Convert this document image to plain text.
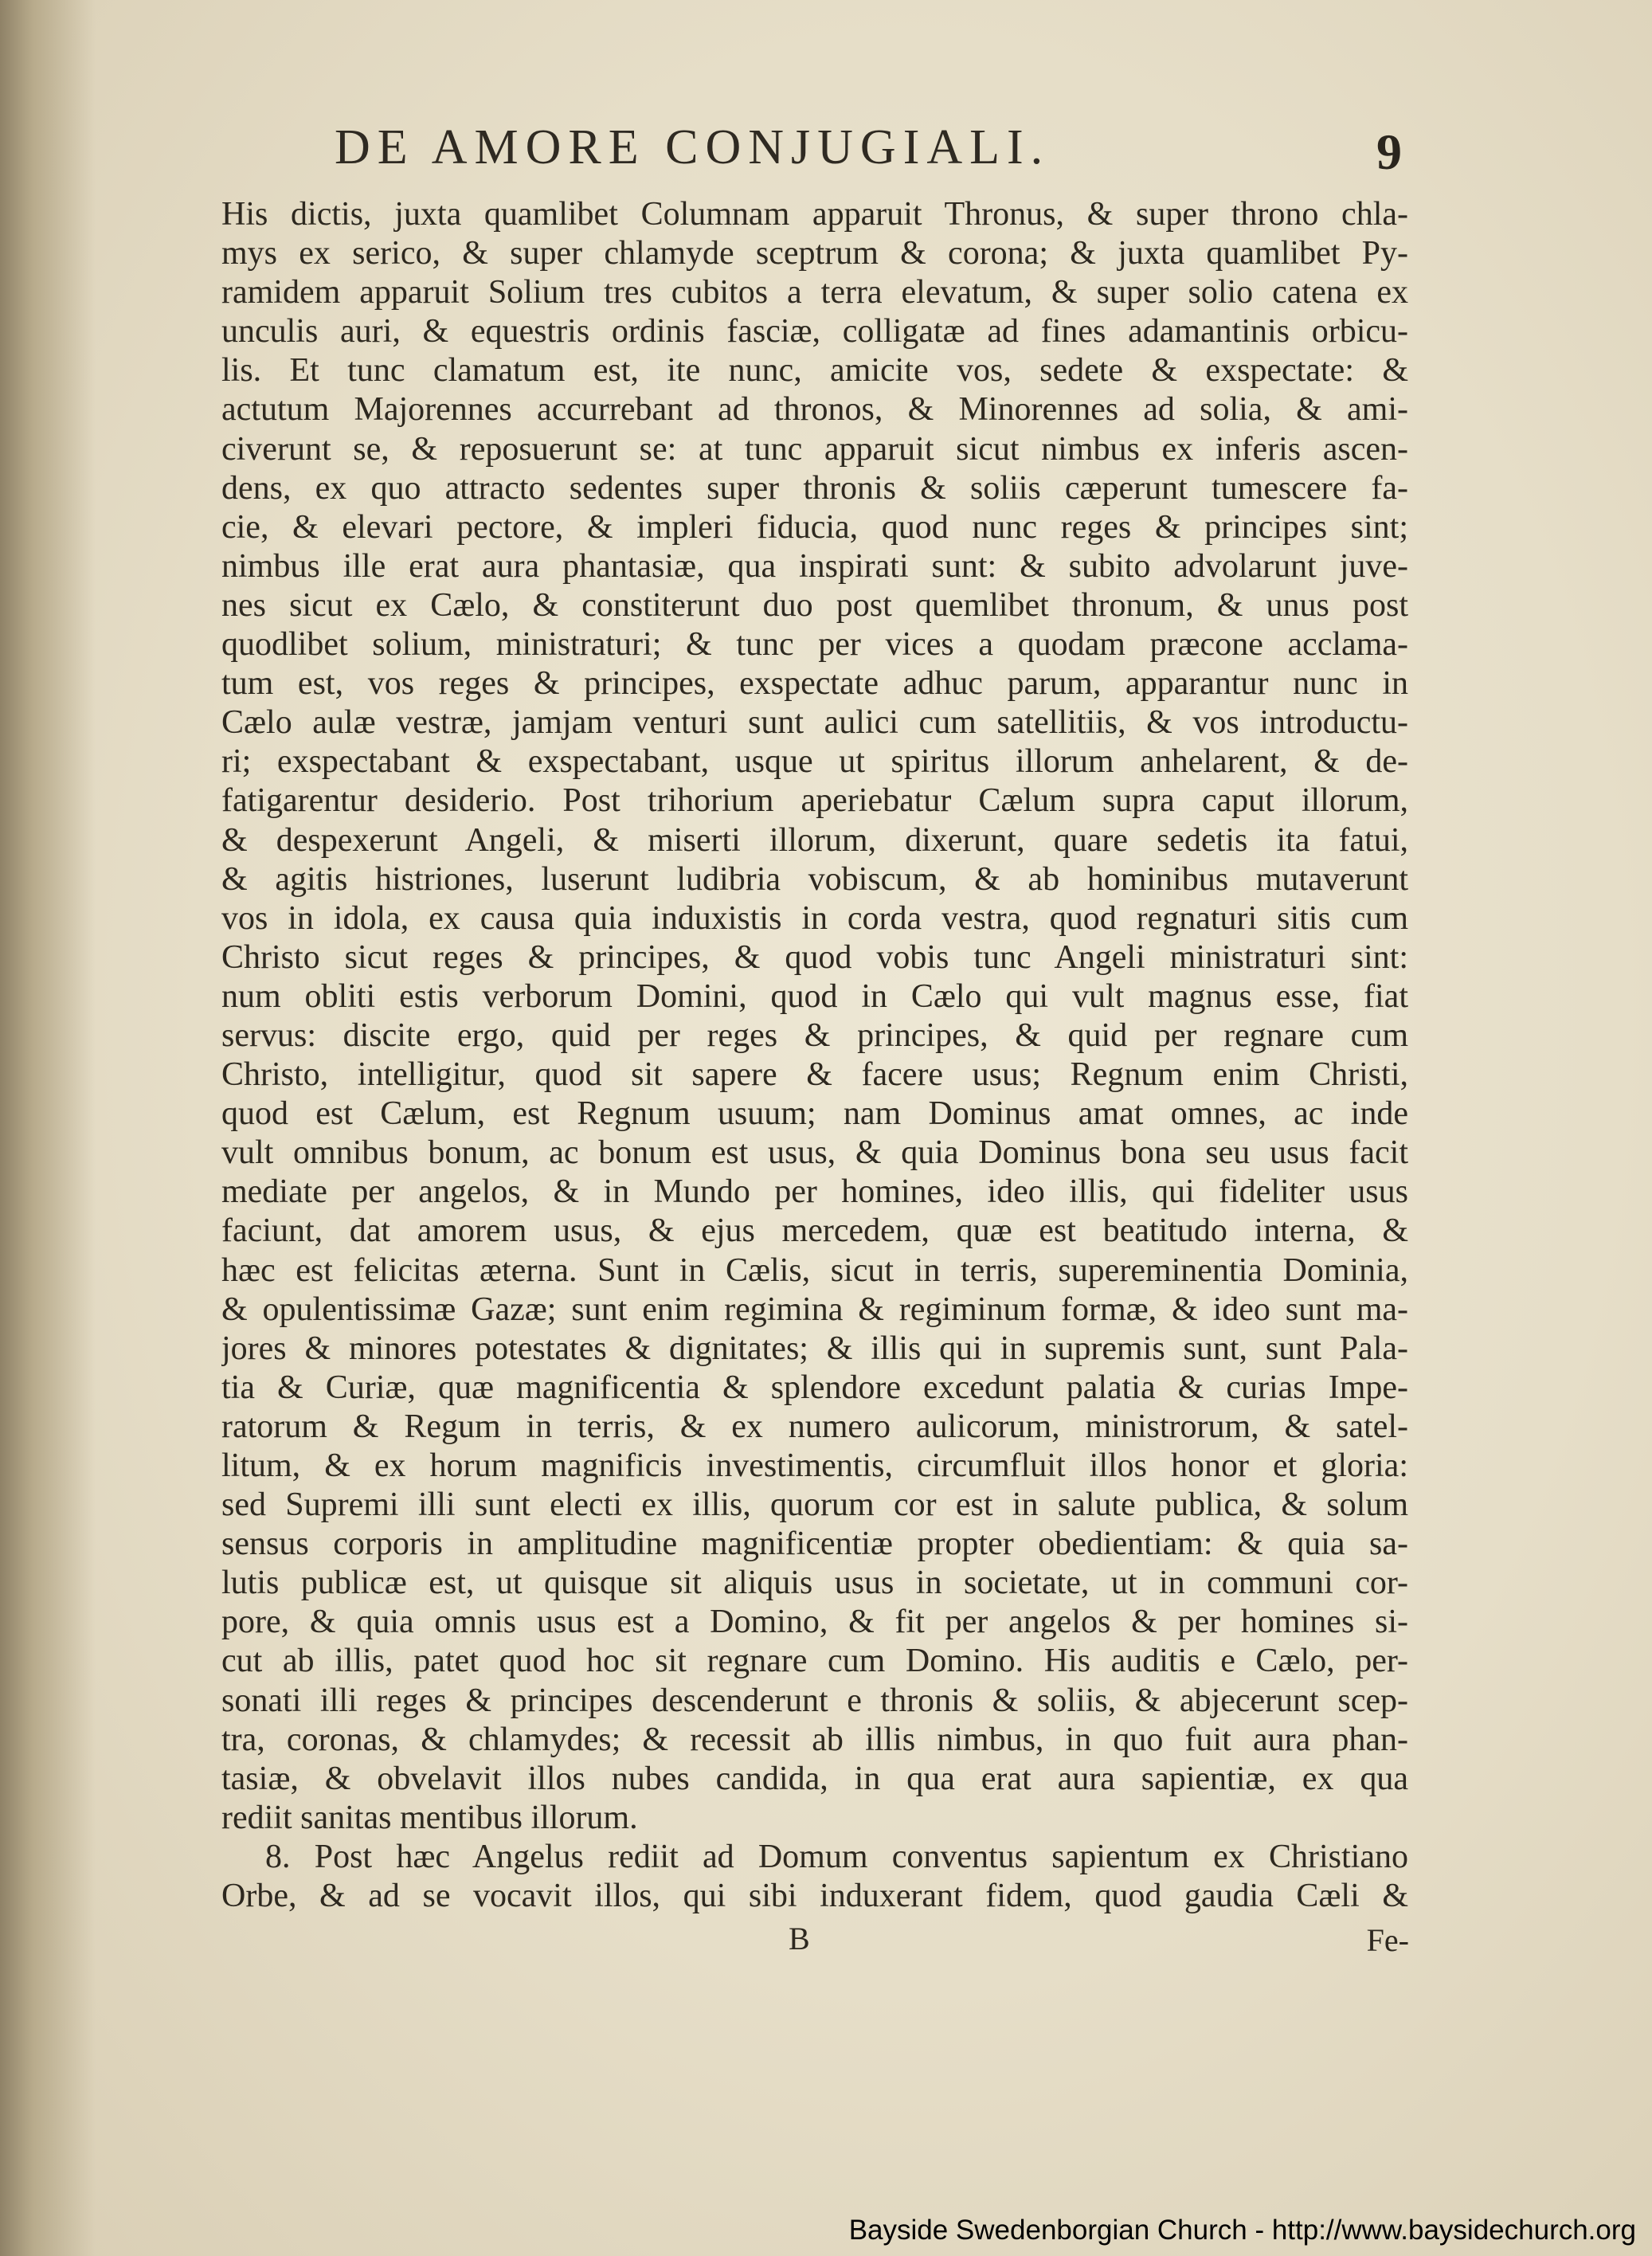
DE AMORE CONJUGIALI.	9
His dictis, juxta quamlibet Columnam apparuit Thronus, & super throno chla-
mys ex serico, & super chlamyde sceptrum & corona; & juxta quamlibet Py-
ramidem apparuit Solium tres cubitos a terra elevatum, & super solio catena ex
unculis auri, & equestris ordinis fasciæ, colligatæ ad fines adamantinis orbicu-
lis. Et tunc clamatum est, ite nunc, amicite vos, sedete & exspectate: &
actutum Majorennes accurrebant ad thronos, & Minorennes ad solia, & ami-
civerunt se, & reposuerunt se: at tunc apparuit sicut nimbus ex inferis ascen-
dens, ex quo attracto sedentes super thronis & soliis cæperunt tumescere fa-
cie, & elevari pectore, & impleri fiducia, quod nunc reges & principes sint;
nimbus ille erat aura phantasiæ, qua inspirati sunt: & subito advolarunt juve-
nes sicut ex Cælo, & constiterunt duo post quemlibet thronum, & unus post
quodlibet solium, ministraturi; & tunc per vices a quodam præcone acclama-
tum est, vos reges & principes, exspectate adhuc parum, apparantur nunc in
Cælo aulæ vestræ, jamjam venturi sunt aulici cum satellitiis, & vos introductu-
ri; exspectabant & exspectabant, usque ut spiritus illorum anhelarent, & de-
fatigarentur desiderio. Post trihorium aperiebatur Cælum supra caput illorum,
& despexerunt Angeli, & miserti illorum, dixerunt, quare sedetis ita fatui,
& agitis histriones, luserunt ludibria vobiscum, & ab hominibus mutaverunt
vos in idola, ex causa quia induxistis in corda vestra, quod regnaturi sitis cum
Christo sicut reges & principes, & quod vobis tunc Angeli ministraturi sint:
num obliti estis verborum Domini, quod in Cælo qui vult magnus esse, fiat
servus: discite ergo, quid per reges & principes, & quid per regnare cum
Christo, intelligitur, quod sit sapere & facere usus; Regnum enim Christi,
quod est Cælum, est Regnum usuum; nam Dominus amat omnes, ac inde
vult omnibus bonum, ac bonum est usus, & quia Dominus bona seu usus facit
mediate per angelos, & in Mundo per homines, ideo illis, qui fideliter usus
faciunt, dat amorem usus, & ejus mercedem, quæ est beatitudo interna, &
hæc est felicitas æterna. Sunt in Cælis, sicut in terris, supereminentia Dominia,
& opulentissimæ Gazæ; sunt enim regimina & regiminum formæ, & ideo sunt ma-
jores & minores potestates & dignitates; & illis qui in supremis sunt, sunt Pala-
tia & Curiæ, quæ magnificentia & splendore excedunt palatia & curias Impe-
ratorum & Regum in terris, & ex numero aulicorum, ministrorum, & satel-
litum, & ex horum magnificis investimentis, circumfluit illos honor et gloria:
sed Supremi illi sunt electi ex illis, quorum cor est in salute publica, & solum
sensus corporis in amplitudine magnificentiæ propter obedientiam: & quia sa-
lutis publicæ est, ut quisque sit aliquis usus in societate, ut in communi cor-
pore, & quia omnis usus est a Domino, & fit per angelos & per homines si-
cut ab illis, patet quod hoc sit regnare cum Domino. His auditis e Cælo, per-
sonati illi reges & principes descenderunt e thronis & soliis, & abjecerunt scep-
tra, coronas, & chlamydes; & recessit ab illis nimbus, in quo fuit aura phan-
tasiæ, & obvelavit illos nubes candida, in qua erat aura sapientiæ, ex qua
rediit sanitas mentibus illorum.
8. Post hæc Angelus rediit ad Domum conventus sapientum ex Christiano
Orbe, & ad se vocavit illos, qui sibi induxerant fidem, quod gaudia Cæli &
B	Fe-
Bayside Swedenborgian Church - http://www.baysidechurch.org
